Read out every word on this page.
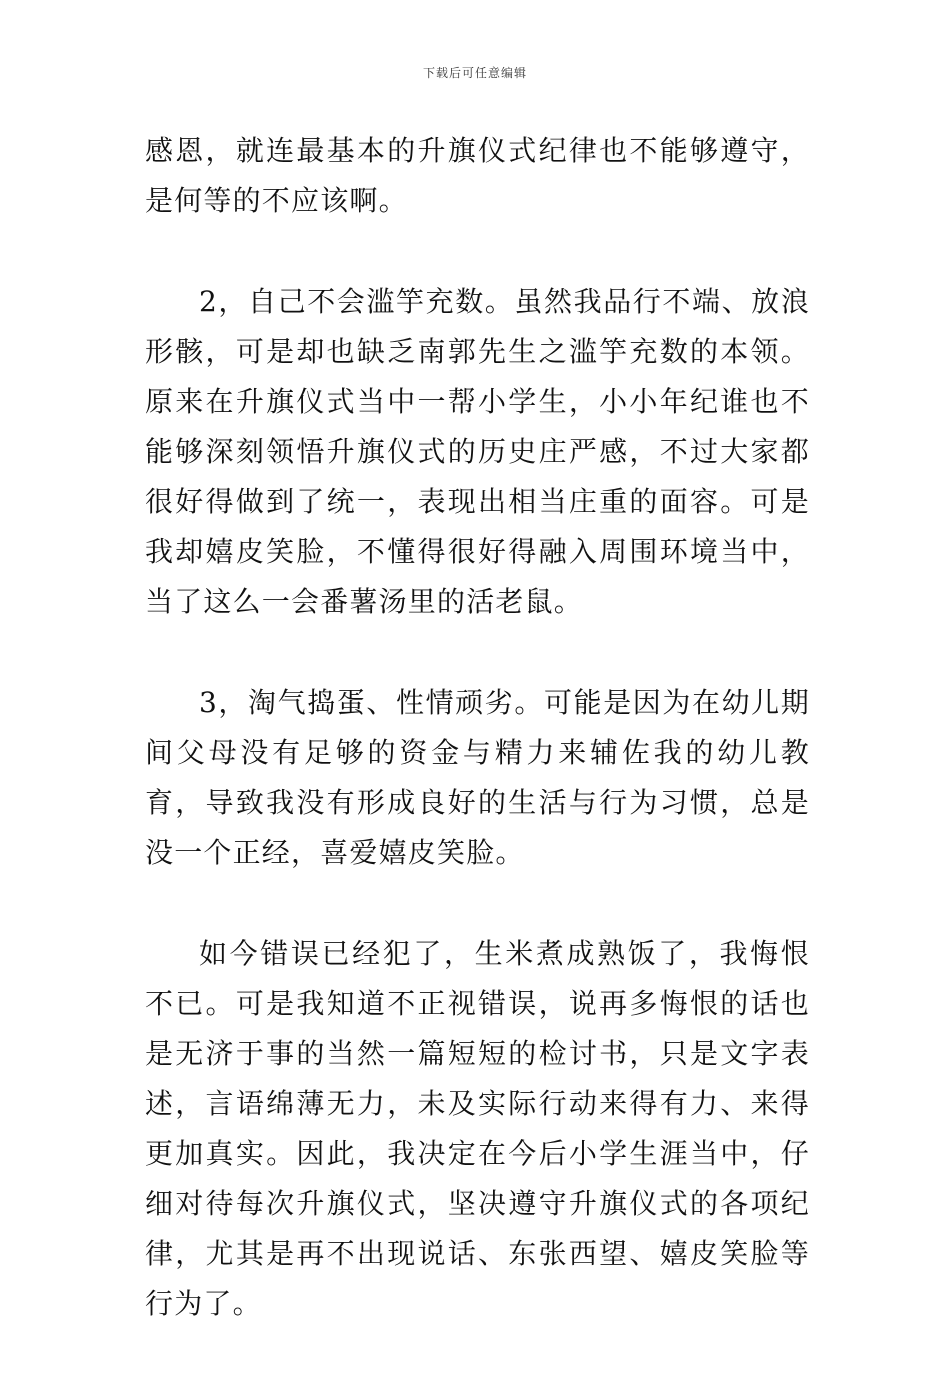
下载后可任意编辑

感恩，就连最基本的升旗仪式纪律也不能够遵守，是何等的不应该啊。

2，自己不会滥竽充数。虽然我品行不端、放浪形骸，可是却也缺乏南郭先生之滥竽充数的本领。原来在升旗仪式当中一帮小学生，小小年纪谁也不能够深刻领悟升旗仪式的历史庄严感，不过大家都很好得做到了统一，表现出相当庄重的面容。可是我却嬉皮笑脸，不懂得很好得融入周围环境当中，当了这么一会番薯汤里的活老鼠。

3，淘气捣蛋、性情顽劣。可能是因为在幼儿期间父母没有足够的资金与精力来辅佐我的幼儿教育，导致我没有形成良好的生活与行为习惯，总是没一个正经，喜爱嬉皮笑脸。

如今错误已经犯了，生米煮成熟饭了，我悔恨不已。可是我知道不正视错误，说再多悔恨的话也是无济于事的当然一篇短短的检讨书，只是文字表述，言语绵薄无力，未及实际行动来得有力、来得更加真实。因此，我决定在今后小学生涯当中，仔细对待每次升旗仪式，坚决遵守升旗仪式的各项纪律，尤其是再不出现说话、东张西望、嬉皮笑脸等行为了。
